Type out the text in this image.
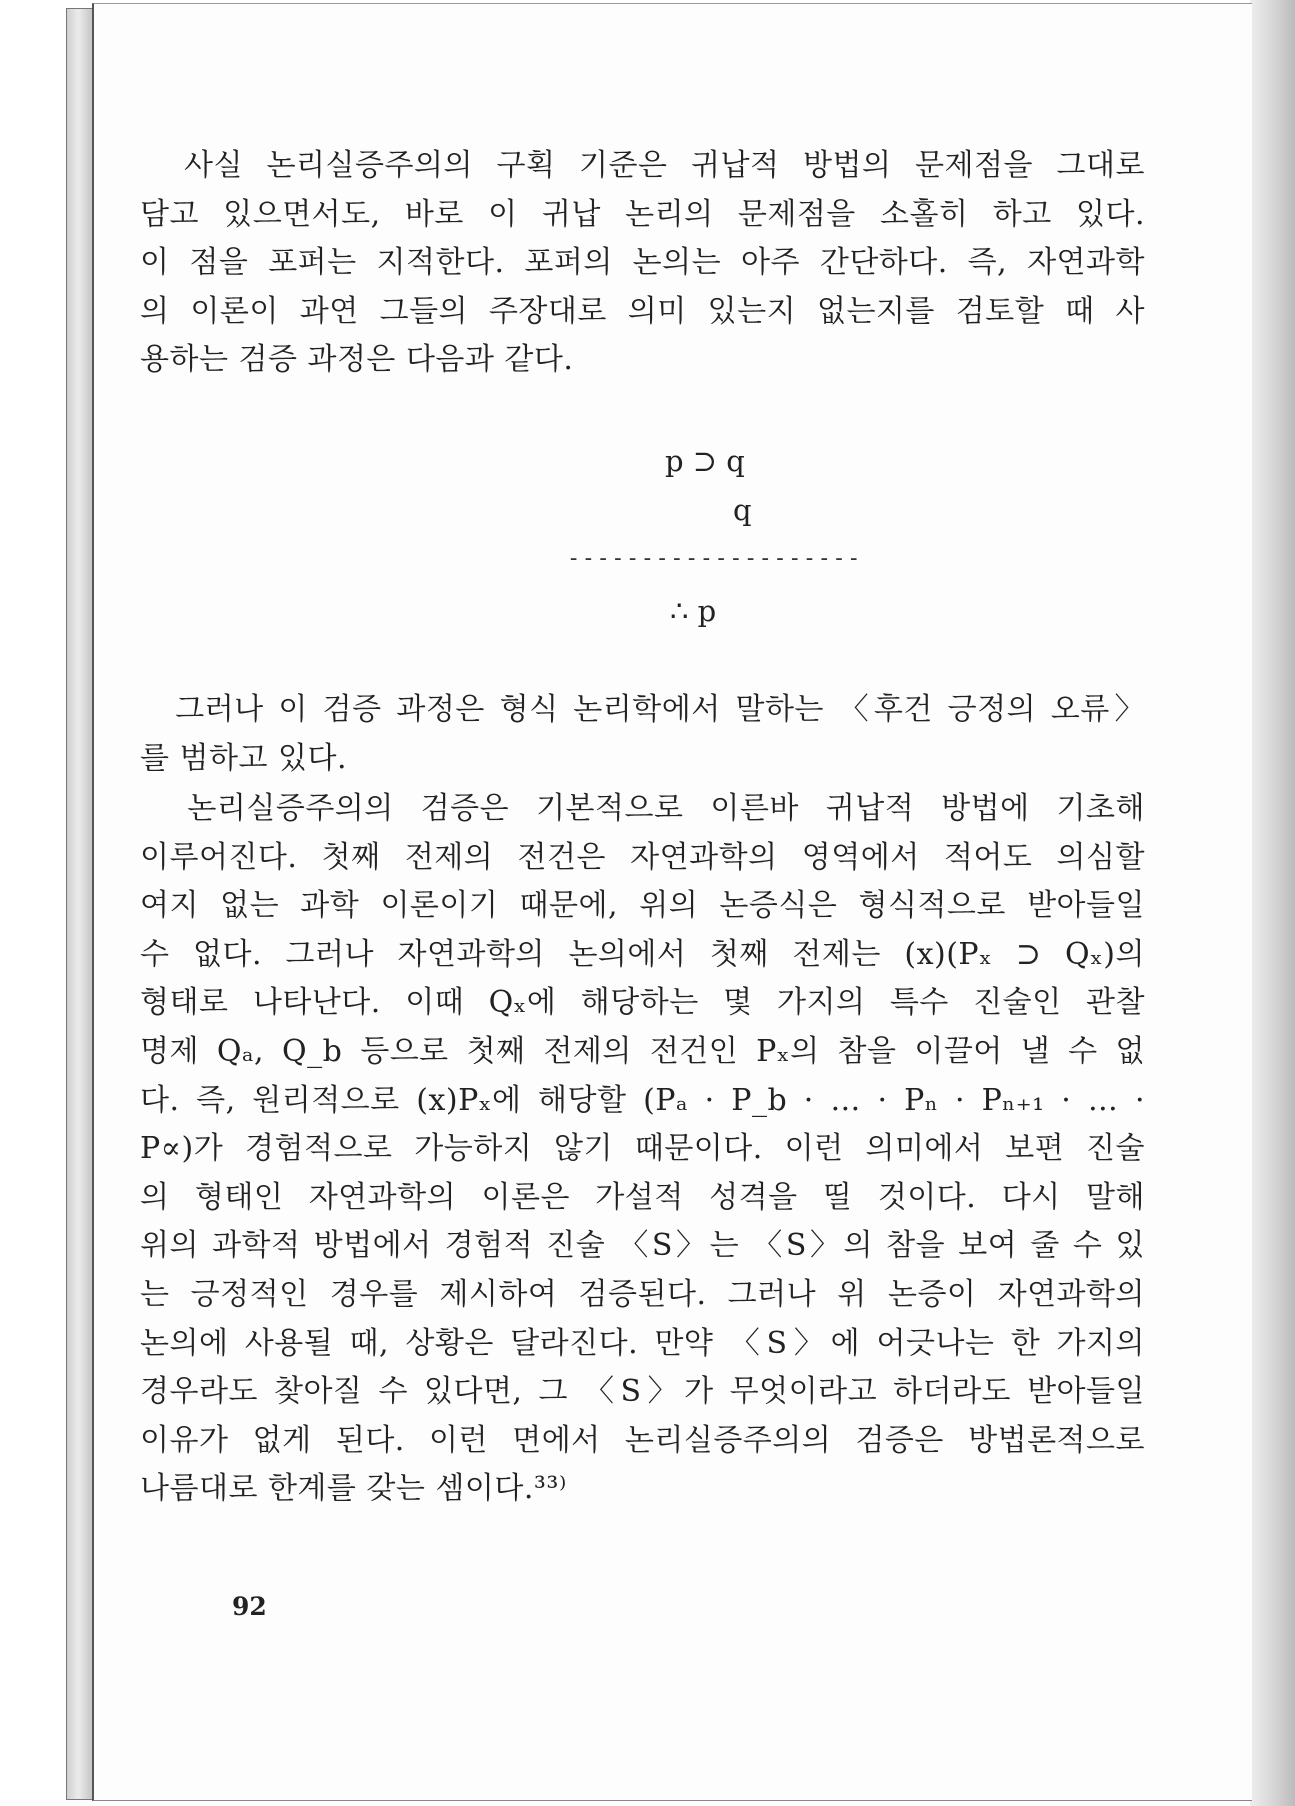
　사실 논리실증주의의 구획 기준은 귀납적 방법의 문제점을 그대로
담고 있으면서도, 바로 이 귀납 논리의 문제점을 소홀히 하고 있다.
이 점을 포퍼는 지적한다. 포퍼의 논의는 아주 간단하다. 즉, 자연과학
의 이론이 과연 그들의 주장대로 의미 있는지 없는지를 검토할 때 사
용하는 검증 과정은 다음과 같다.
p ⊃ q
q
--------------------
∴ p
　그러나 이 검증 과정은 형식 논리학에서 말하는 〈후건 긍정의 오류〉
를 범하고 있다.
　논리실증주의의 검증은 기본적으로 이른바 귀납적 방법에 기초해
이루어진다. 첫째 전제의 전건은 자연과학의 영역에서 적어도 의심할
여지 없는 과학 이론이기 때문에, 위의 논증식은 형식적으로 받아들일
수 없다. 그러나 자연과학의 논의에서 첫째 전제는 (x)(Pₓ ⊃ Qₓ)의
형태로 나타난다. 이때 Qₓ에 해당하는 몇 가지의 특수 진술인 관찰
명제 Qₐ, Q_b 등으로 첫째 전제의 전건인 Pₓ의 참을 이끌어 낼 수 없
다. 즉, 원리적으로 (x)Pₓ에 해당할 (Pₐ · P_b · … · Pₙ · Pₙ₊₁ · … ·
P∝)가 경험적으로 가능하지 않기 때문이다. 이런 의미에서 보편 진술
의 형태인 자연과학의 이론은 가설적 성격을 띨 것이다. 다시 말해
위의 과학적 방법에서 경험적 진술 〈S〉는 〈S〉의 참을 보여 줄 수 있
는 긍정적인 경우를 제시하여 검증된다. 그러나 위 논증이 자연과학의
논의에 사용될 때, 상황은 달라진다. 만약 〈S〉에 어긋나는 한 가지의
경우라도 찾아질 수 있다면, 그 〈S〉가 무엇이라고 하더라도 받아들일
이유가 없게 된다. 이런 면에서 논리실증주의의 검증은 방법론적으로
나름대로 한계를 갖는 셈이다.³³⁾
92
